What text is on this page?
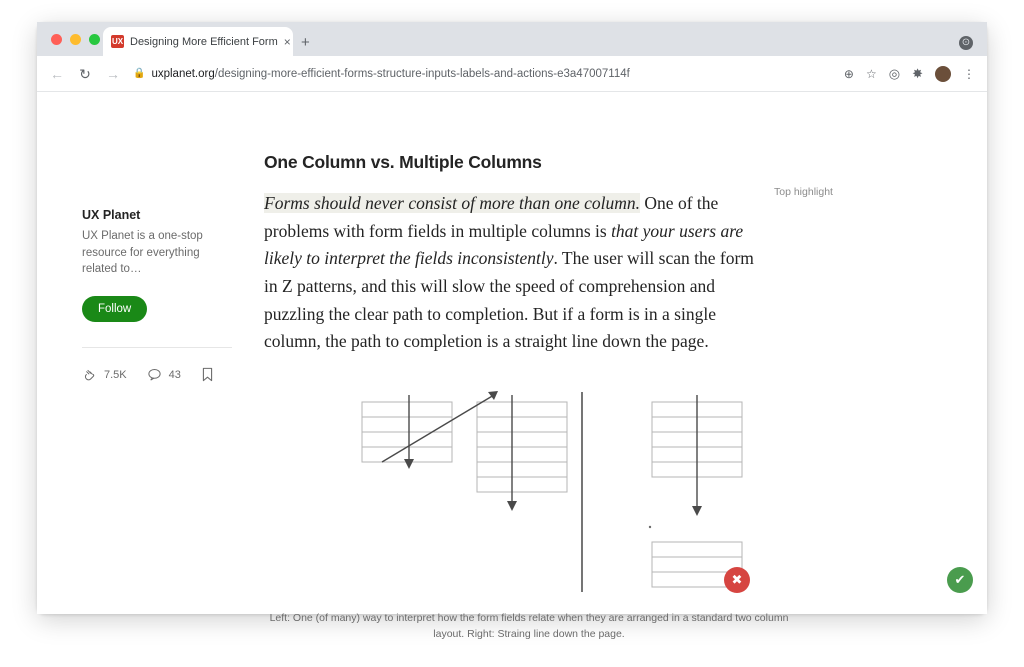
UX Designing More Efficient Form × +	⊙
← ↻ → 🔒 uxplanet.org/designing-more-efficient-forms-structure-inputs-labels-and-actions-e3a47007114f	⊕ ☆ ◎ ✸	⋮
UX Planet
UX Planet is a one-stop resource for everything related to…
Follow
7.5K	43
One Column vs. Multiple Columns

Forms should never consist of more than one column. One of the problems with form fields in multiple columns is that your users are likely to interpret the fields inconsistently. The user will scan the form in Z patterns, and this will slow the speed of comprehension and puzzling the clear path to completion. But if a form is in a single column, the path to completion is a straight line down the page.

Top highlight
✖	✔
Left: One (of many) way to interpret how the form fields relate when they are arranged in a standard two column layout. Right: Straing line down the page.
